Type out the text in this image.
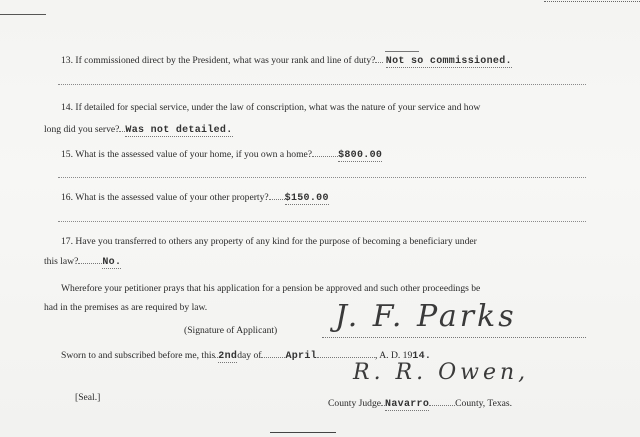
13. If commissioned direct by the President, what was your rank and line of duty? Not so commissioned.
14. If detailed for special service, under the law of conscription, what was the nature of your service and how
long did you serve? Was not detailed.
15. What is the assessed value of your home, if you own a home?	$800.00
16. What is the assessed value of your other property? $150.00
17. Have you transferred to others any property of any kind for the purpose of becoming a beneficiary under
this law? No.
Wherefore your petitioner prays that his application for a pension be approved and such other proceedings be
had in the premises as are required by law.
(Signature of Applicant) J. F. Parks
Sworn to and subscribed before me, this 2ndday of April	, A. D. 1914.
R. R. Owen,
[Seal.]
County Judge Navarro	County, Texas.
